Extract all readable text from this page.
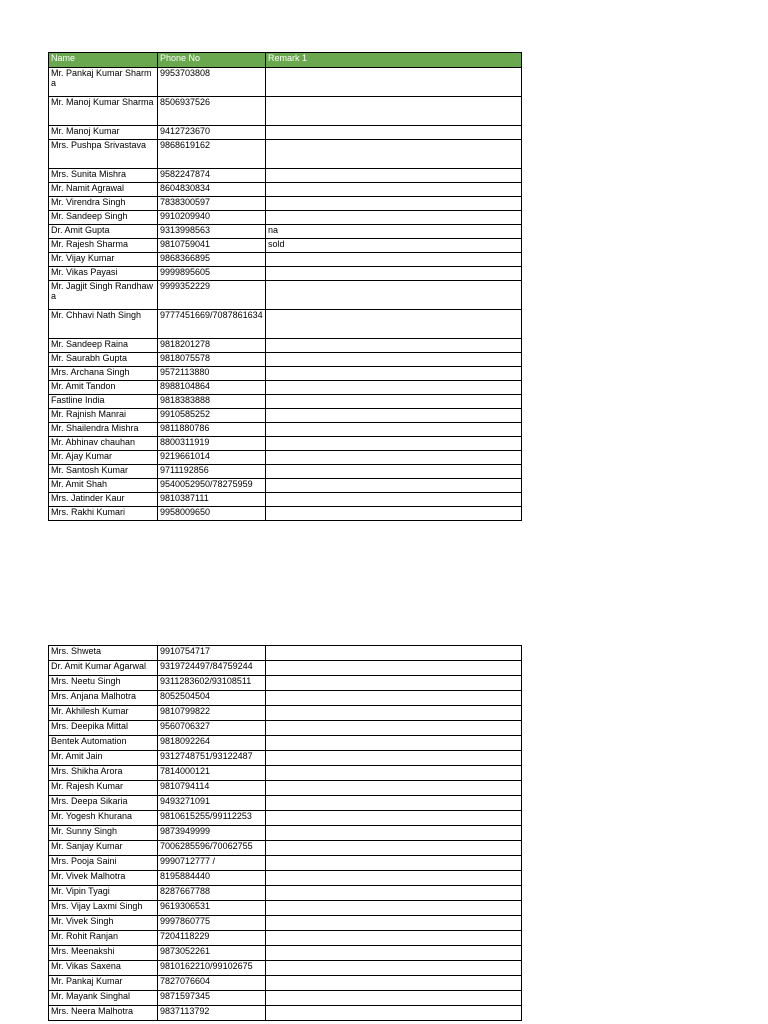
Name	Phone No	Remark 1

Mr. Pankaj Kumar Sharma	9953703808	

Mr. Manoj Kumar Sharma	8506937526	

Mr. Manoj Kumar	9412723670	

Mrs. Pushpa Srivastava	9868619162	

Mrs. Sunita Mishra	9582247874	

Mr. Namit Agrawal	8604830834	

Mr. Virendra Singh	7838300597	

Mr. Sandeep Singh	9910209940	

Dr. Amit Gupta	9313998563	na

Mr. Rajesh Sharma	9810759041	sold

Mr. Vijay Kumar	9868366895	

Mr. Vikas Payasi	9999895605	

Mr. Jagjit Singh Randhawa	9999352229	

Mr. Chhavi Nath Singh	9777451669/7087861634	

Mr. Sandeep Raina	9818201278	

Mr. Saurabh Gupta	9818075578	

Mrs. Archana Singh	9572113880	

Mr. Amit Tandon	8988104864	

Fastline India	9818383888	

Mr. Rajnish Manrai	9910585252	

Mr. Shailendra Mishra	9811880786	

Mr. Abhinav chauhan	8800311919	

Mr. Ajay Kumar	9219661014	

Mr. Santosh Kumar	9711192856	

Mr. Amit Shah	9540052950/78275959	

Mrs. Jatinder Kaur	9810387111	

Mrs. Rakhi Kumari	9958009650	

Mrs. Shweta	9910754717	

Dr. Amit Kumar Agarwal	9319724497/84759244	

Mrs. Neetu Singh	9311283602/93108511	

Mrs. Anjana Malhotra	8052504504	

Mr. Akhilesh Kumar	9810799822	

Mrs. Deepika Mittal	9560706327	

Bentek Automation	9818092264	

Mr. Amit Jain	9312748751/93122487	

Mrs. Shikha Arora	7814000121	

Mr. Rajesh Kumar	9810794114	

Mrs. Deepa Sikaria	9493271091	

Mr. Yogesh Khurana	9810615255/99112253	

Mr. Sunny Singh	9873949999	

Mr. Sanjay Kumar	7006285596/70062755	

Mrs. Pooja Saini	9990712777 /	

Mr. Vivek Malhotra	8195884440	

Mr. Vipin Tyagi	8287667788	

Mrs. Vijay Laxmi Singh	9619306531	

Mr. Vivek Singh	9997860775	

Mr. Rohit Ranjan	7204118229	

Mrs. Meenakshi	9873052261	

Mr. Vikas Saxena	9810162210/99102675	

Mr. Pankaj Kumar	7827076604	

Mr. Mayank Singhal	9871597345	

Mrs. Neera Malhotra	9837113792	
